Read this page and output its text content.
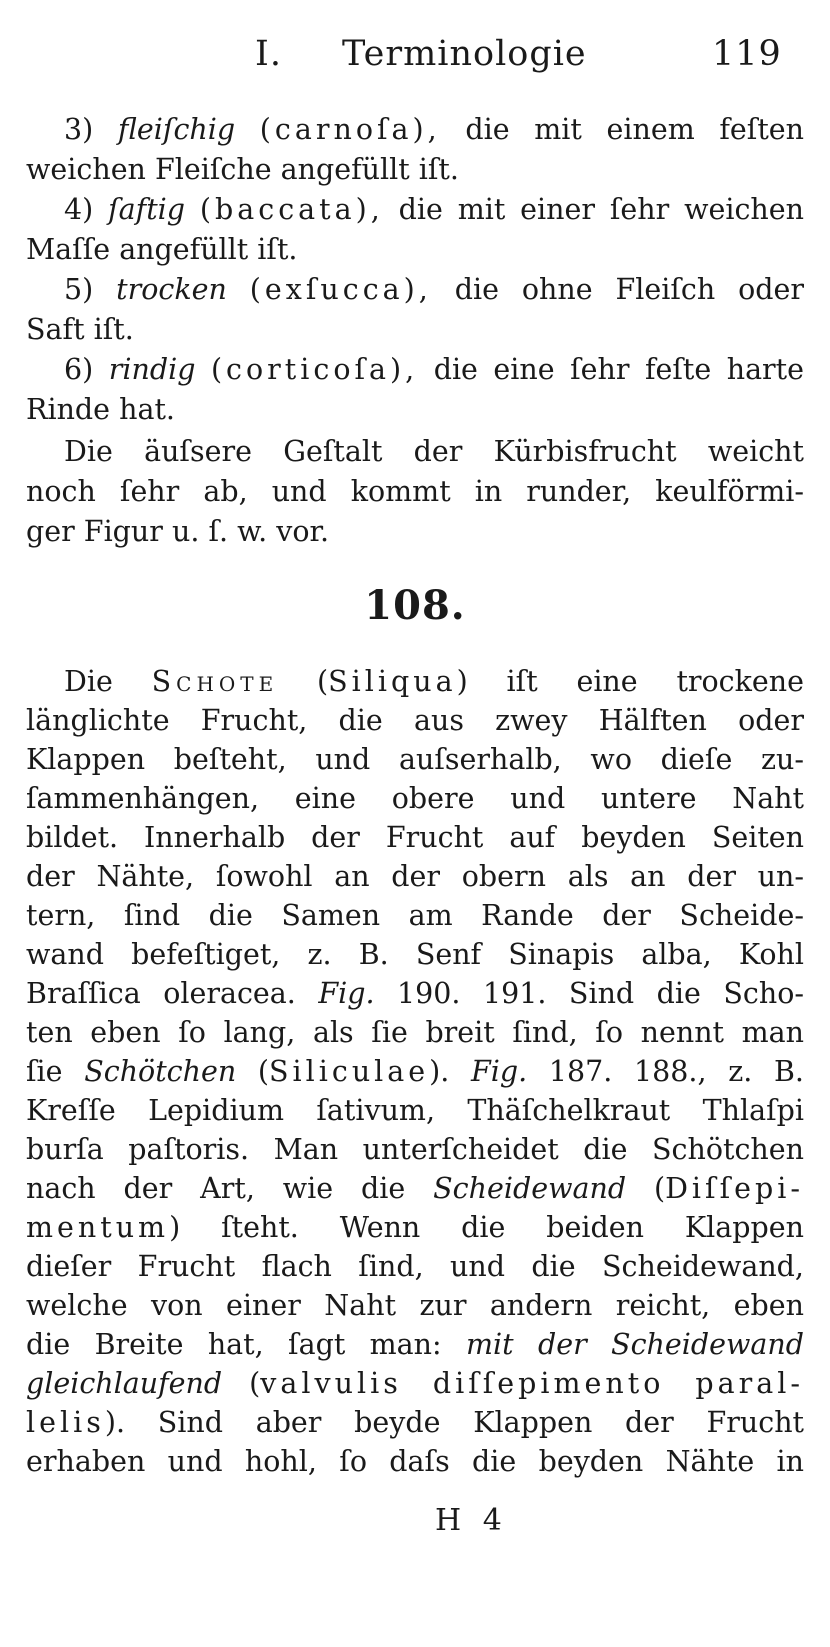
I. Terminologie	119
3) fleiſchig (carnoſa), die mit einem feſten
weichen Fleiſche angefüllt iſt.
4) ſaftig (baccata), die mit einer ſehr weichen
Maſſe angefüllt iſt.
5) trocken (exſucca), die ohne Fleiſch oder
Saft iſt.
6) rindig (corticoſa), die eine ſehr feſte harte
Rinde hat.
Die äuſsere Geſtalt der Kürbisfrucht weicht
noch ſehr ab, und kommt in runder, keulförmi-
ger Figur u. ſ. w. vor.
108.
Die Schote (Siliqua) iſt eine trockene
länglichte Frucht, die aus zwey Hälften oder
Klappen beſteht, und auſserhalb, wo dieſe zu-
ſammenhängen, eine obere und untere Naht
bildet. Innerhalb der Frucht auf beyden Seiten
der Nähte, ſowohl an der obern als an der un-
tern, ſind die Samen am Rande der Scheide-
wand befeſtiget, z. B. Senf Sinapis alba, Kohl
Braſſica oleracea. Fig. 190. 191. Sind die Scho-
ten eben ſo lang, als ſie breit ſind, ſo nennt man
ſie Schötchen (Siliculae). Fig. 187. 188., z. B.
Kreſſe Lepidium ſativum, Thäſchelkraut Thlaſpi
burſa paſtoris. Man unterſcheidet die Schötchen
nach der Art, wie die Scheidewand (Diſſepi-
mentum) ſteht. Wenn die beiden Klappen
dieſer Frucht flach ſind, und die Scheidewand,
welche von einer Naht zur andern reicht, eben
die Breite hat, ſagt man: mit der Scheidewand
gleichlaufend (valvulis diſſepimento paral-
lelis). Sind aber beyde Klappen der Frucht
erhaben und hohl, ſo daſs die beyden Nähte in
H 4
